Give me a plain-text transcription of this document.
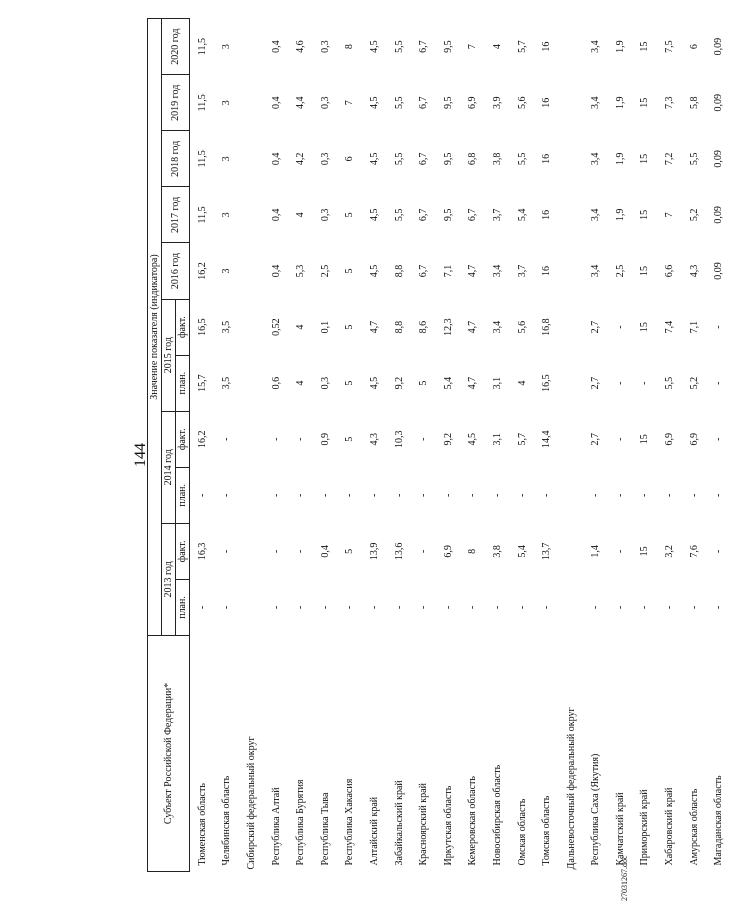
144
27031267.doc
Субъект Российской Федерации*	Значение показателя (индикатора)										
	2013 год		2014 год		2015 год		2016 год	2017 год	2018 год	2019 год	2020 год
	план.	факт.	план.	факт.	план.	факт.					
Тюменская область	-	16,3	-	16,2	15,7	16,5	16,2	11,5	11,5	11,5	11,5
Челябинская область	-	-	-	-	3,5	3,5	3	3	3	3	3
Сибирский федеральный округ											
Республика Алтай	-	-	-	-	0,6	0,52	0,4	0,4	0,4	0,4	0,4
Республика Бурятия	-	-	-	-	4	4	5,3	4	4,2	4,4	4,6
Республика Тыва	-	0,4	-	0,9	0,3	0,1	2,5	0,3	0,3	0,3	0,3
Республика Хакасия	-	5	-	5	5	5	5	5	6	7	8
Алтайский край	-	13,9	-	4,3	4,5	4,7	4,5	4,5	4,5	4,5	4,5
Забайкальский край	-	13,6	-	10,3	9,2	8,8	8,8	5,5	5,5	5,5	5,5
Красноярский край	-	-	-	-	5	8,6	6,7	6,7	6,7	6,7	6,7
Иркутская область	-	6,9	-	9,2	5,4	12,3	7,1	9,5	9,5	9,5	9,5
Кемеровская область	-	8	-	4,5	4,7	4,7	4,7	6,7	6,8	6,9	7
Новосибирская область	-	3,8	-	3,1	3,1	3,4	3,4	3,7	3,8	3,9	4
Омская область	-	5,4	-	5,7	4	5,6	3,7	5,4	5,5	5,6	5,7
Томская область	-	13,7	-	14,4	16,5	16,8	16	16	16	16	16
Дальневосточный федеральный округ											
Республика Саха (Якутия)	-	1,4	-	2,7	2,7	2,7	3,4	3,4	3,4	3,4	3,4
Камчатский край	-	-	-	-	-	-	2,5	1,9	1,9	1,9	1,9
Приморский край	-	15	-	15	-	15	15	15	15	15	15
Хабаровский край	-	3,2	-	6,9	5,5	7,4	6,6	7	7,2	7,3	7,5
Амурская область	-	7,6	-	6,9	5,2	7,1	4,3	5,2	5,5	5,8	6
Магаданская область	-	-	-	-	-	-	0,09	0,09	0,09	0,09	0,09
